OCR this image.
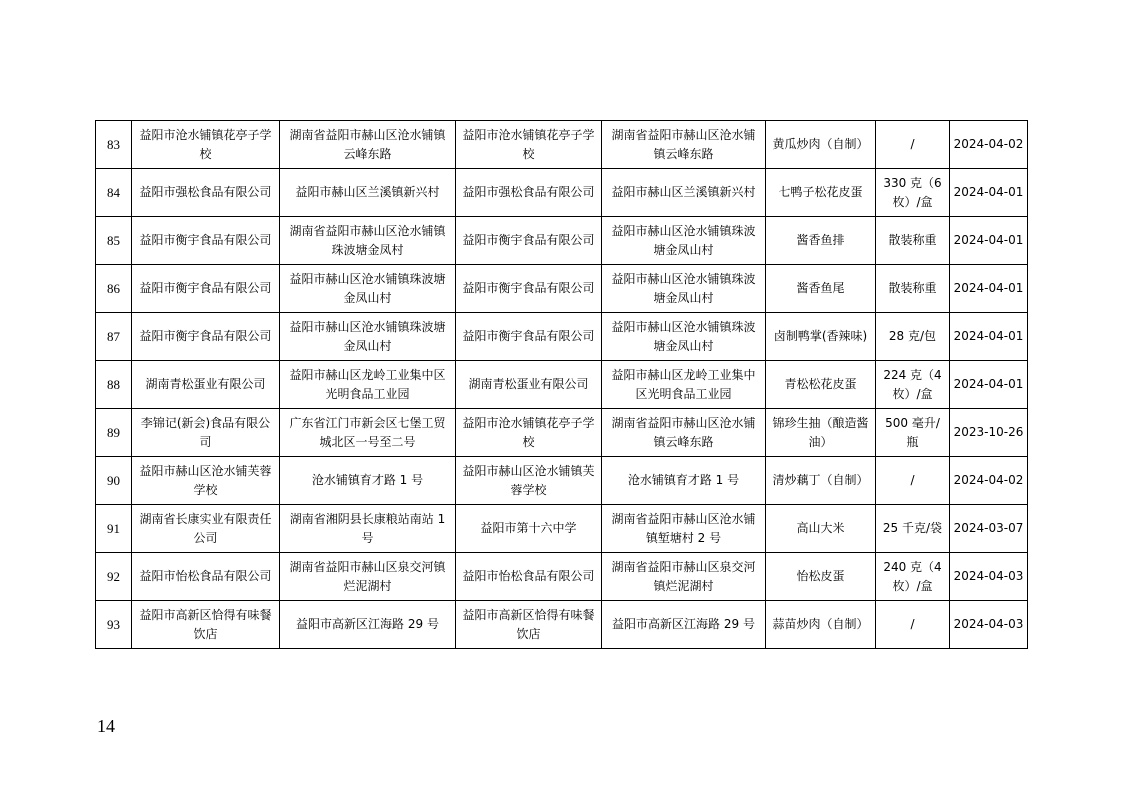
83	益阳市沧水铺镇花亭子学校	湖南省益阳市赫山区沧水铺镇云峰东路	益阳市沧水铺镇花亭子学校	湖南省益阳市赫山区沧水铺镇云峰东路	黄瓜炒肉（自制）	/	2024-04-02
84	益阳市强松食品有限公司	益阳市赫山区兰溪镇新兴村	益阳市强松食品有限公司	益阳市赫山区兰溪镇新兴村	七鸭子松花皮蛋	330 克（6 枚）/盒	2024-04-01
85	益阳市衡宇食品有限公司	湖南省益阳市赫山区沧水铺镇珠波塘金凤村	益阳市衡宇食品有限公司	益阳市赫山区沧水铺镇珠波塘金凤山村	酱香鱼排	散装称重	2024-04-01
86	益阳市衡宇食品有限公司	益阳市赫山区沧水铺镇珠波塘金凤山村	益阳市衡宇食品有限公司	益阳市赫山区沧水铺镇珠波塘金凤山村	酱香鱼尾	散装称重	2024-04-01
87	益阳市衡宇食品有限公司	益阳市赫山区沧水铺镇珠波塘金凤山村	益阳市衡宇食品有限公司	益阳市赫山区沧水铺镇珠波塘金凤山村	卤制鸭掌(香辣味)	28 克/包	2024-04-01
88	湖南青松蛋业有限公司	益阳市赫山区龙岭工业集中区光明食品工业园	湖南青松蛋业有限公司	益阳市赫山区龙岭工业集中区光明食品工业园	青松松花皮蛋	224 克（4 枚）/盒	2024-04-01
89	李锦记(新会)食品有限公司	广东省江门市新会区七堡工贸城北区一号至二号	益阳市沧水铺镇花亭子学校	湖南省益阳市赫山区沧水铺镇云峰东路	锦珍生抽（酿造酱油）	500 毫升/瓶	2023-10-26
90	益阳市赫山区沧水铺芙蓉学校	沧水铺镇育才路 1 号	益阳市赫山区沧水铺镇芙蓉学校	沧水铺镇育才路 1 号	清炒藕丁（自制）	/	2024-04-02
91	湖南省长康实业有限责任公司	湖南省湘阴县长康粮站南站 1 号	益阳市第十六中学	湖南省益阳市赫山区沧水铺镇堑塘村 2 号	高山大米	25 千克/袋	2024-03-07
92	益阳市怡松食品有限公司	湖南省益阳市赫山区泉交河镇烂泥湖村	益阳市怡松食品有限公司	湖南省益阳市赫山区泉交河镇烂泥湖村	怡松皮蛋	240 克（4 枚）/盒	2024-04-03
93	益阳市高新区恰得有味餐饮店	益阳市高新区江海路 29 号	益阳市高新区恰得有味餐饮店	益阳市高新区江海路 29 号	蒜苗炒肉（自制）	/	2024-04-03
14
